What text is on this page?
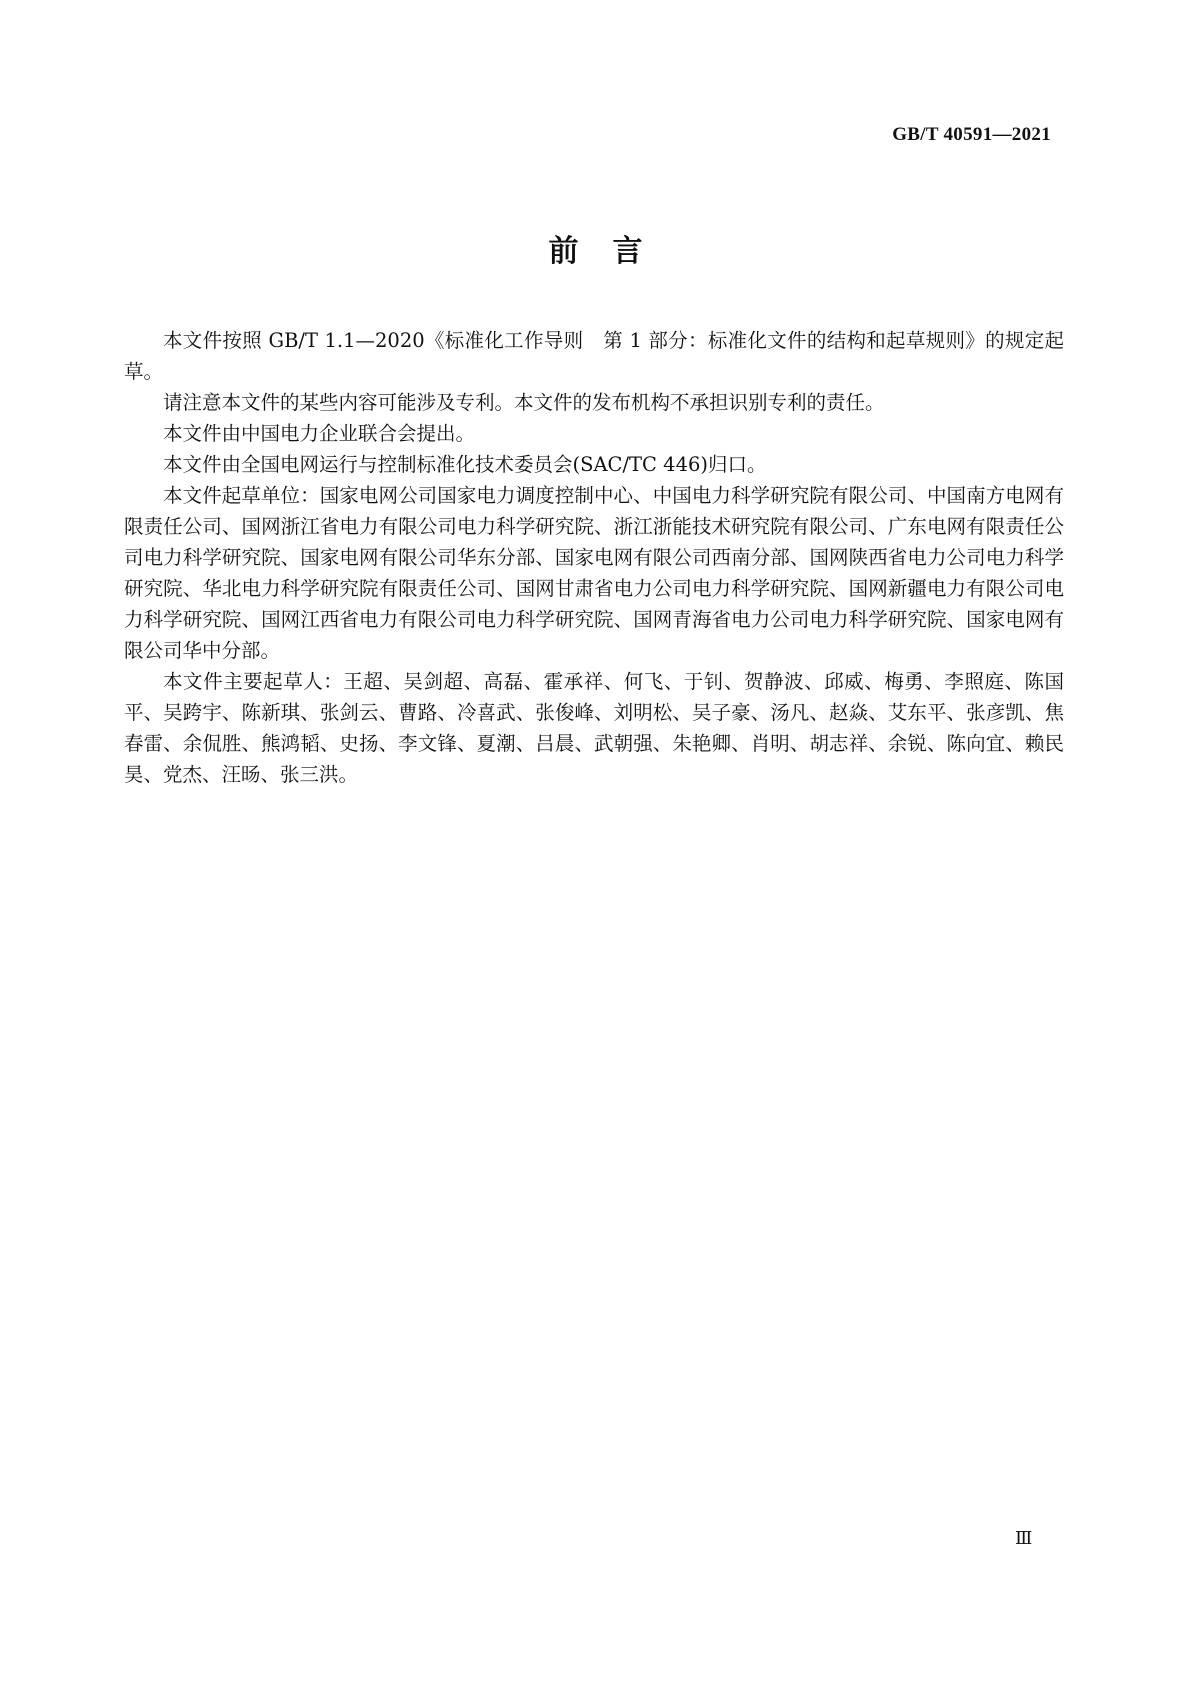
GB/T 40591—2021
前言

本文件按照 GB/T 1.1—2020《标准化工作导则　第 1 部分：标准化文件的结构和起草规则》的规定起草。

请注意本文件的某些内容可能涉及专利。本文件的发布机构不承担识别专利的责任。

本文件由中国电力企业联合会提出。

本文件由全国电网运行与控制标准化技术委员会(SAC/TC 446)归口。

本文件起草单位：国家电网公司国家电力调度控制中心、中国电力科学研究院有限公司、中国南方电网有限责任公司、国网浙江省电力有限公司电力科学研究院、浙江浙能技术研究院有限公司、广东电网有限责任公司电力科学研究院、国家电网有限公司华东分部、国家电网有限公司西南分部、国网陕西省电力公司电力科学研究院、华北电力科学研究院有限责任公司、国网甘肃省电力公司电力科学研究院、国网新疆电力有限公司电力科学研究院、国网江西省电力有限公司电力科学研究院、国网青海省电力公司电力科学研究院、国家电网有限公司华中分部。

本文件主要起草人：王超、吴剑超、高磊、霍承祥、何飞、于钊、贺静波、邱威、梅勇、李照庭、陈国平、吴跨宇、陈新琪、张剑云、曹路、冷喜武、张俊峰、刘明松、吴子豪、汤凡、赵焱、艾东平、张彦凯、焦春雷、余侃胜、熊鸿韬、史扬、李文锋、夏潮、吕晨、武朝强、朱艳卿、肖明、胡志祥、余锐、陈向宜、赖民昊、党杰、汪旸、张三洪。

Ⅲ
